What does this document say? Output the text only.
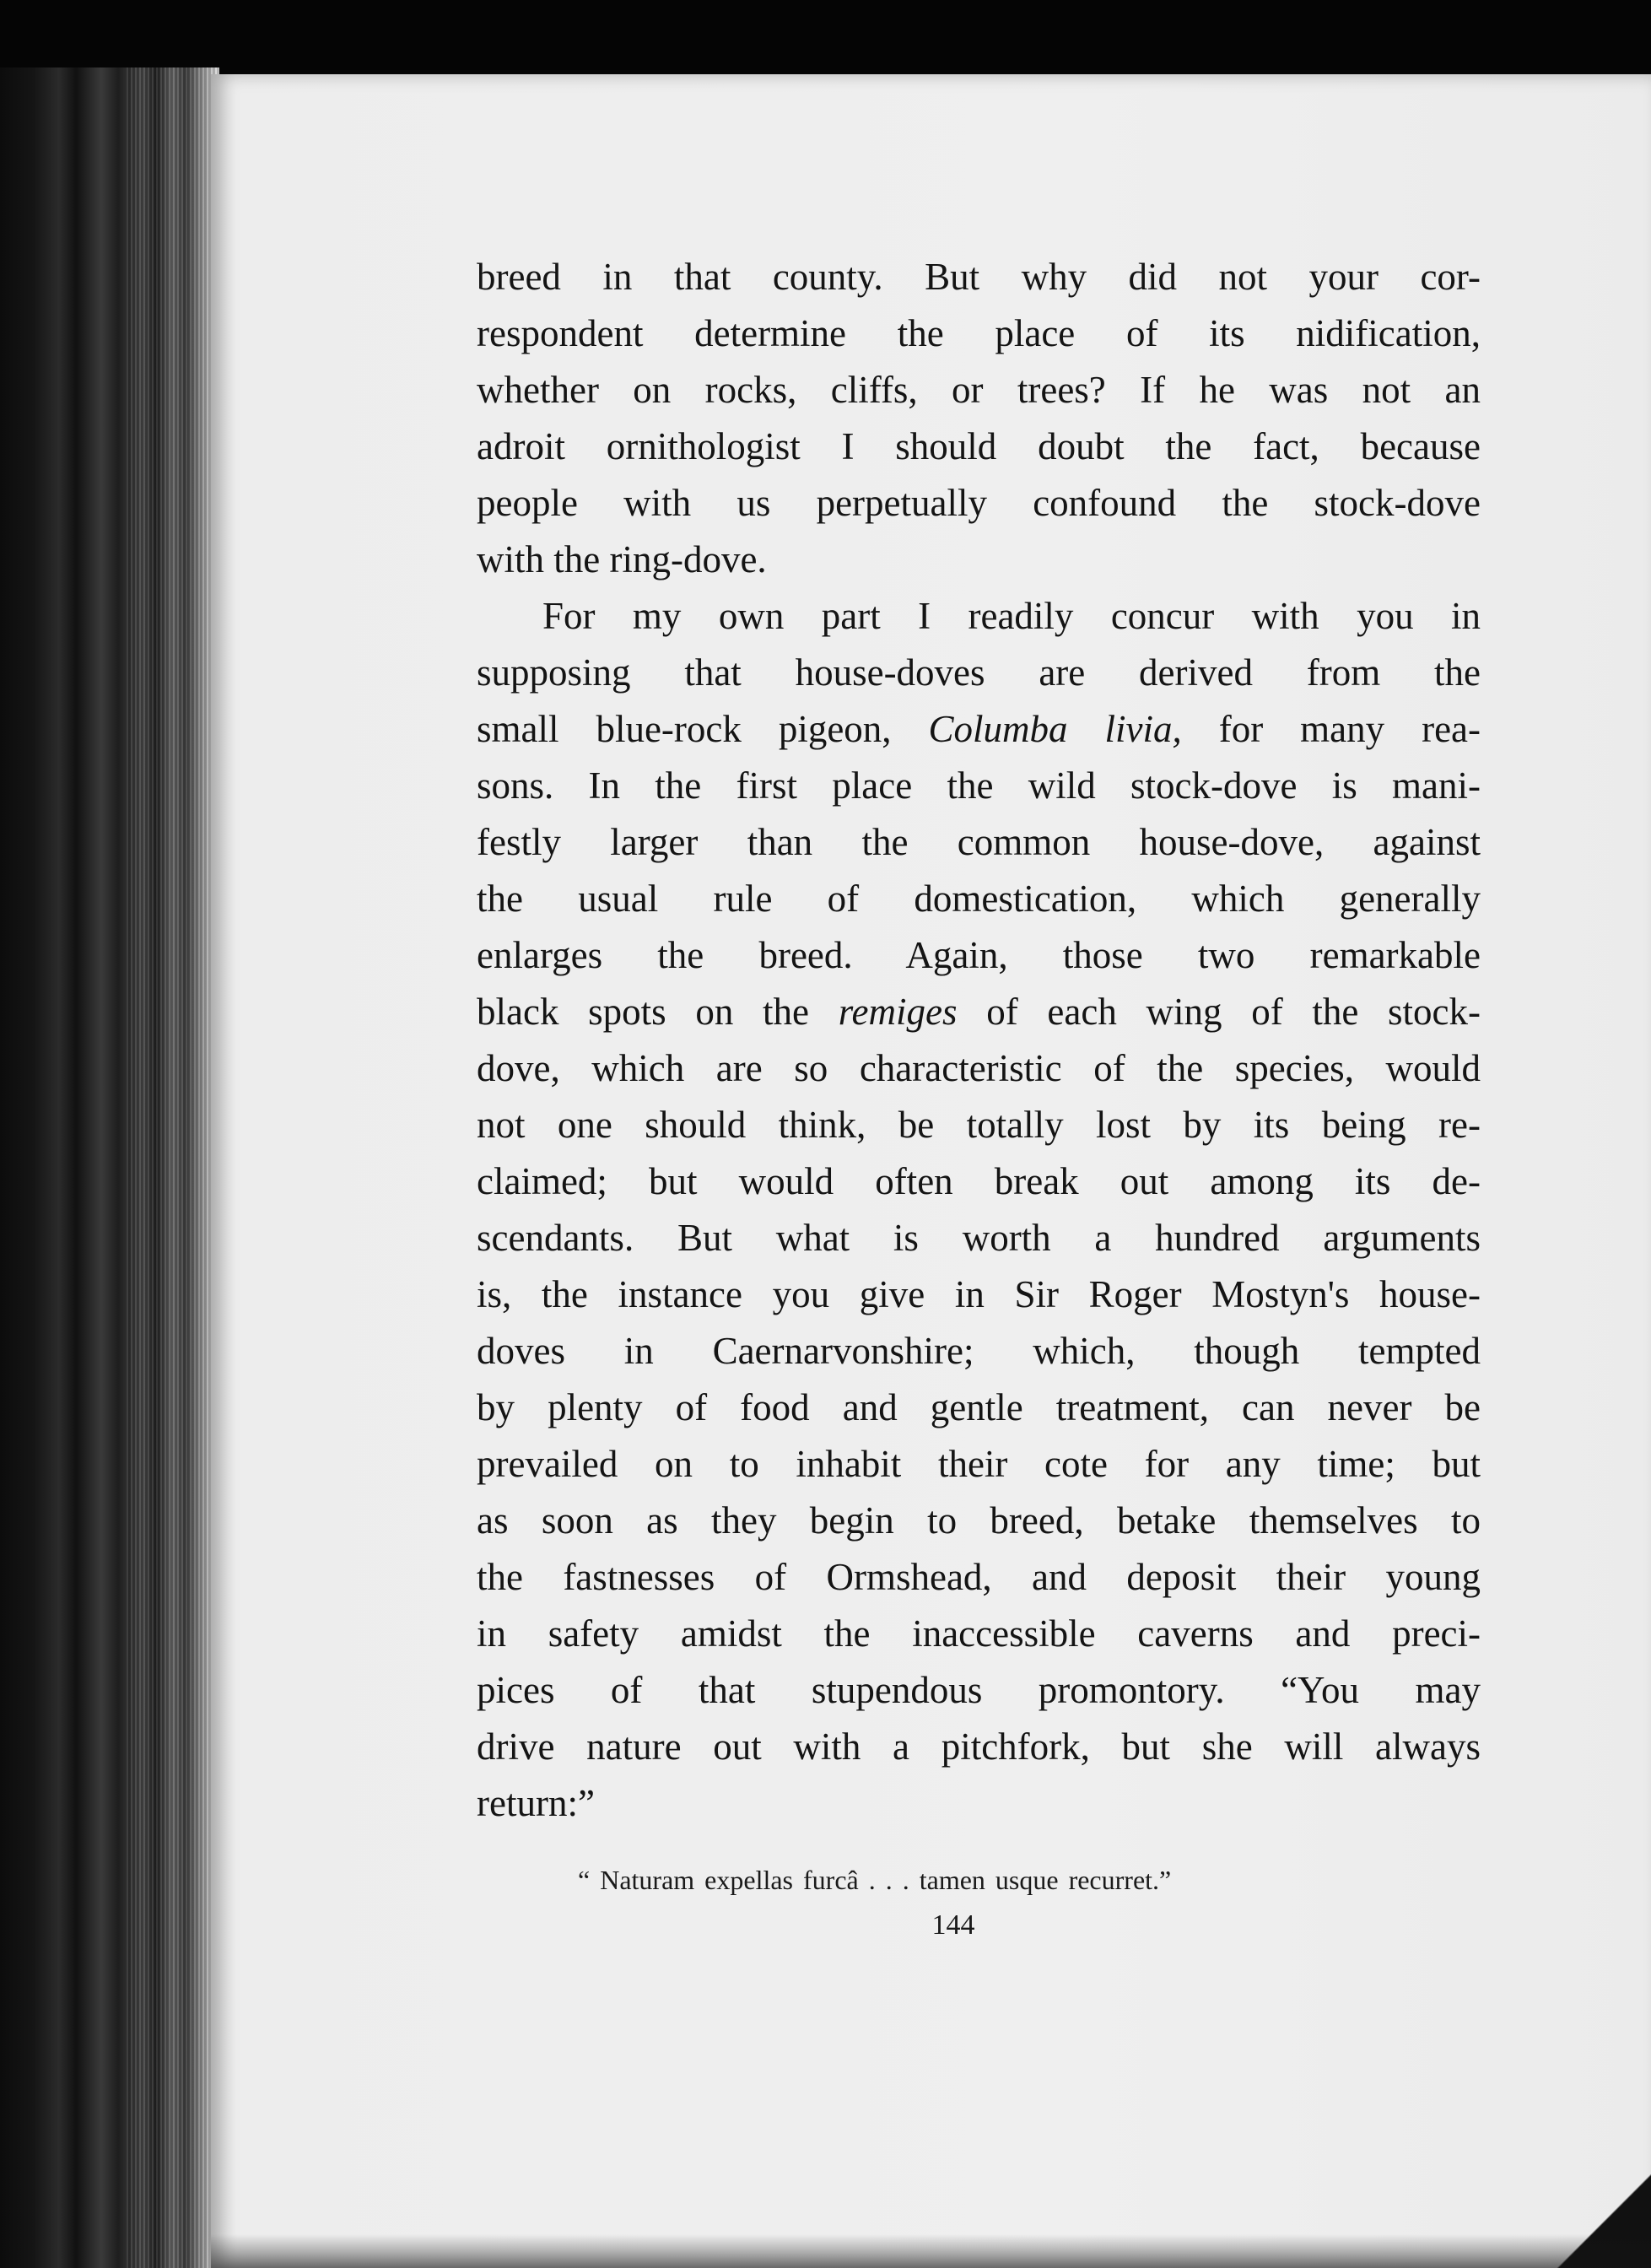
breed in that county. But why did not your cor-
respondent determine the place of its nidification,
whether on rocks, cliffs, or trees? If he was not an
adroit ornithologist I should doubt the fact, because
people with us perpetually confound the stock-dove
with the ring-dove.
For my own part I readily concur with you in
supposing that house-doves are derived from the
small blue-rock pigeon, Columba livia, for many rea-
sons. In the first place the wild stock-dove is mani-
festly larger than the common house-dove, against
the usual rule of domestication, which generally
enlarges the breed. Again, those two remarkable
black spots on the remiges of each wing of the stock-
dove, which are so characteristic of the species, would
not one should think, be totally lost by its being re-
claimed; but would often break out among its de-
scendants. But what is worth a hundred arguments
is, the instance you give in Sir Roger Mostyn's house-
doves in Caernarvonshire; which, though tempted
by plenty of food and gentle treatment, can never be
prevailed on to inhabit their cote for any time; but
as soon as they begin to breed, betake themselves to
the fastnesses of Ormshead, and deposit their young
in safety amidst the inaccessible caverns and preci-
pices of that stupendous promontory. “You may
drive nature out with a pitchfork, but she will always
return:”
“ Naturam expellas furcâ . . . tamen usque recurret.”
144
